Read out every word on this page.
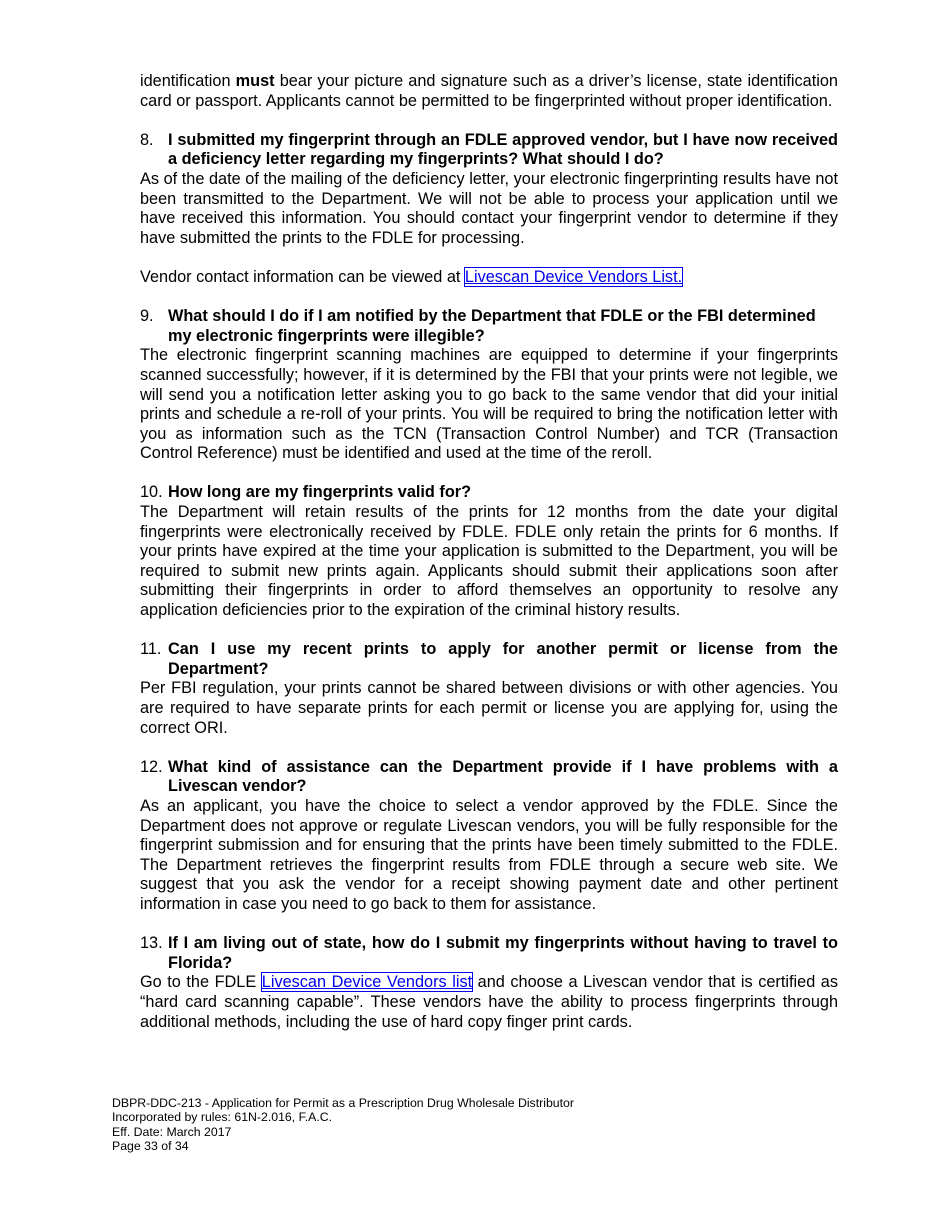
identification must bear your picture and signature such as a driver’s license, state identification card or passport. Applicants cannot be permitted to be fingerprinted without proper identification.

8. I submitted my fingerprint through an FDLE approved vendor, but I have now received a deficiency letter regarding my fingerprints? What should I do?

As of the date of the mailing of the deficiency letter, your electronic fingerprinting results have not been transmitted to the Department. We will not be able to process your application until we have received this information. You should contact your fingerprint vendor to determine if they have submitted the prints to the FDLE for processing.

Vendor contact information can be viewed at Livescan Device Vendors List.

9. What should I do if I am notified by the Department that FDLE or the FBI determined my electronic fingerprints were illegible?

The electronic fingerprint scanning machines are equipped to determine if your fingerprints scanned successfully; however, if it is determined by the FBI that your prints were not legible, we will send you a notification letter asking you to go back to the same vendor that did your initial prints and schedule a re-roll of your prints. You will be required to bring the notification letter with you as information such as the TCN (Transaction Control Number) and TCR (Transaction Control Reference) must be identified and used at the time of the reroll.

10. How long are my fingerprints valid for?

The Department will retain results of the prints for 12 months from the date your digital fingerprints were electronically received by FDLE. FDLE only retain the prints for 6 months. If your prints have expired at the time your application is submitted to the Department, you will be required to submit new prints again. Applicants should submit their applications soon after submitting their fingerprints in order to afford themselves an opportunity to resolve any application deficiencies prior to the expiration of the criminal history results.

11. Can I use my recent prints to apply for another permit or license from the Department?

Per FBI regulation, your prints cannot be shared between divisions or with other agencies. You are required to have separate prints for each permit or license you are applying for, using the correct ORI.

12. What kind of assistance can the Department provide if I have problems with a Livescan vendor?

As an applicant, you have the choice to select a vendor approved by the FDLE. Since the Department does not approve or regulate Livescan vendors, you will be fully responsible for the fingerprint submission and for ensuring that the prints have been timely submitted to the FDLE. The Department retrieves the fingerprint results from FDLE through a secure web site. We suggest that you ask the vendor for a receipt showing payment date and other pertinent information in case you need to go back to them for assistance.

13. If I am living out of state, how do I submit my fingerprints without having to travel to Florida?

Go to the FDLE Livescan Device Vendors list and choose a Livescan vendor that is certified as “hard card scanning capable”. These vendors have the ability to process fingerprints through additional methods, including the use of hard copy finger print cards.

DBPR-DDC-213 - Application for Permit as a Prescription Drug Wholesale Distributor
Incorporated by rules: 61N-2.016, F.A.C.
Eff. Date: March 2017
Page 33 of 34
